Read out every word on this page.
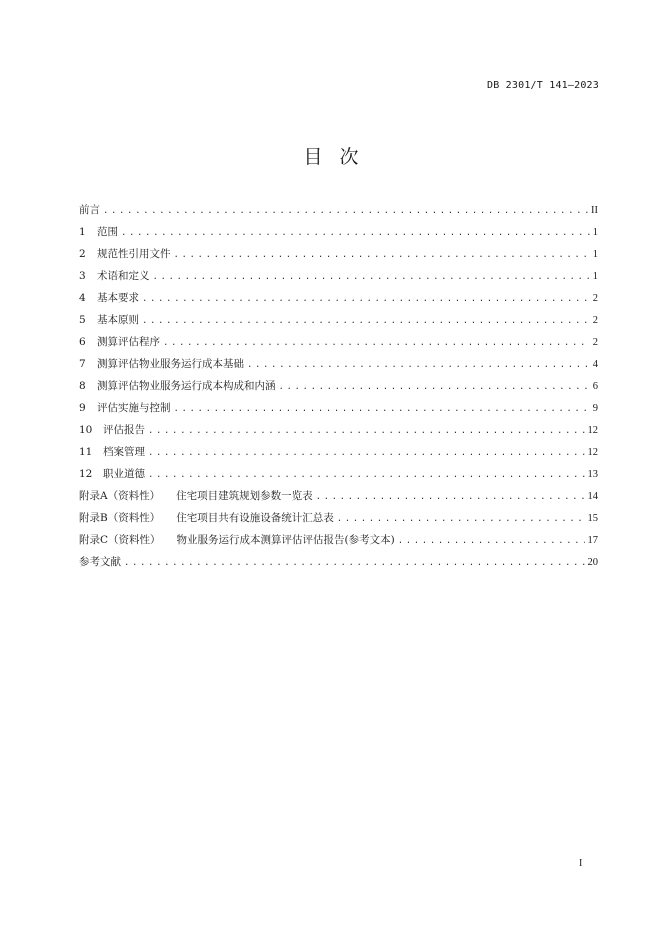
DB 2301/T 141—2023
目次
前言 .....	II
1 范围 .....	1
2 规范性引用文件 .....	1
3 术语和定义 .....	1
4 基本要求 .....	2
5 基本原则 .....	2
6 测算评估程序 .....	2
7 测算评估物业服务运行成本基础 .....	4
8 测算评估物业服务运行成本构成和内涵 .....	6
9 评估实施与控制 .....	9
10 评估报告 .....	12
11 档案管理 .....	12
12 职业道德 .....	13
附录A（资料性） 住宅项目建筑规划参数一览表 .....	14
附录B（资料性） 住宅项目共有设施设备统计汇总表 .....	15
附录C（资料性） 物业服务运行成本测算评估评估报告(参考文本) .....	17
参考文献 .....	20
I
